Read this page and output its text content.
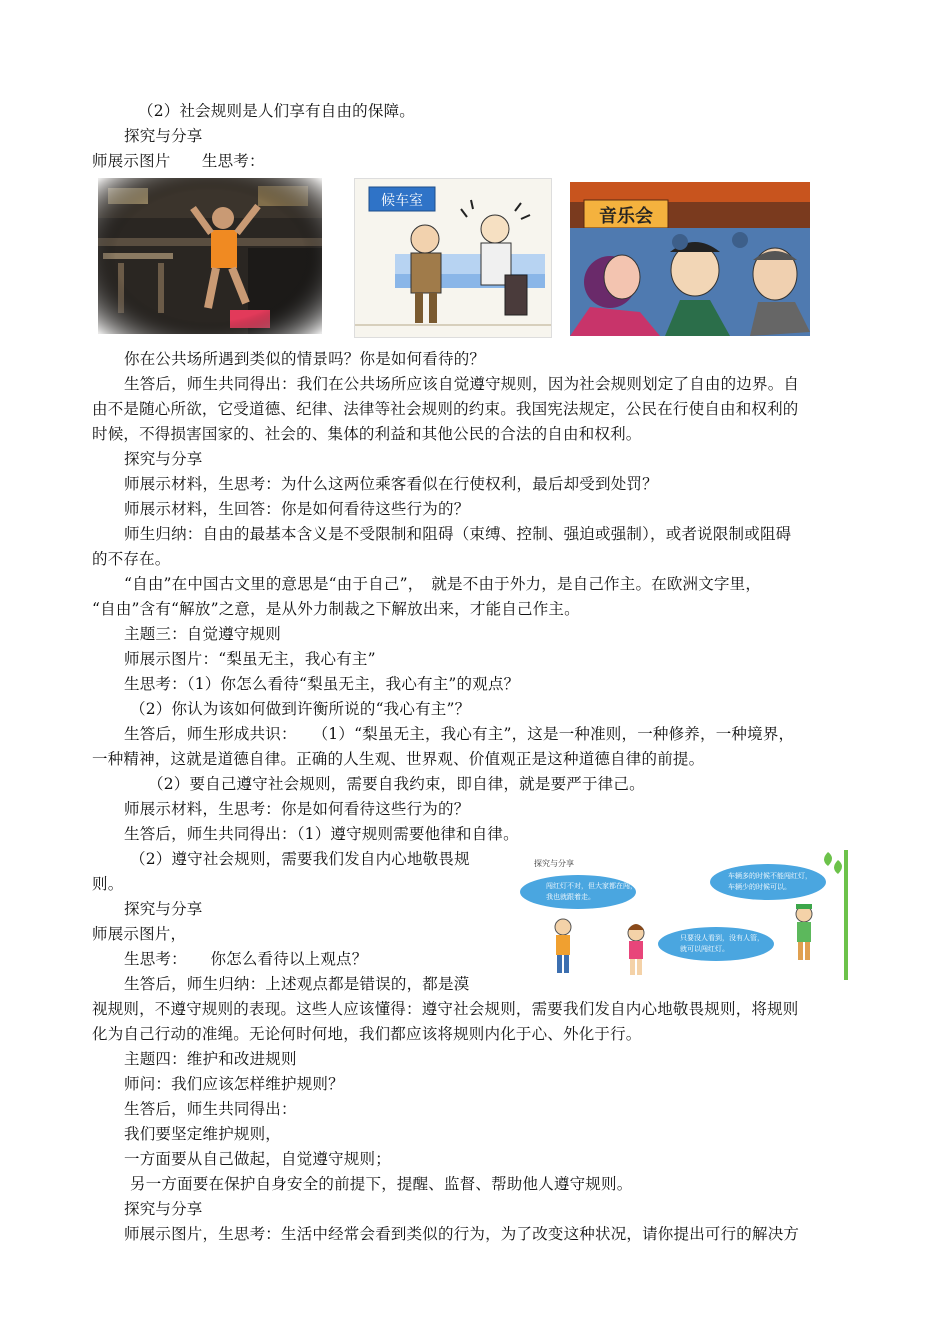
（2）社会规则是人们享有自由的保障。
探究与分享
师展示图片　　生思考：
候车室
音乐会
你在公共场所遇到类似的情景吗？你是如何看待的？
生答后，师生共同得出：我们在公共场所应该自觉遵守规则，因为社会规则划定了自由的边界。自
由不是随心所欲，它受道德、纪律、法律等社会规则的约束。我国宪法规定，公民在行使自由和权利的
时候，不得损害国家的、社会的、集体的利益和其他公民的合法的自由和权利。
探究与分享
师展示材料，生思考：为什么这两位乘客看似在行使权利，最后却受到处罚？
师展示材料，生回答：你是如何看待这些行为的？
师生归纳：自由的最基本含义是不受限制和阻碍（束缚、控制、强迫或强制），或者说限制或阻碍
的不存在。
“自由”在中国古文里的意思是“由于自己”，　就是不由于外力，是自己作主。在欧洲文字里，
“自由”含有“解放”之意，是从外力制裁之下解放出来，才能自己作主。
主题三：自觉遵守规则
师展示图片：“梨虽无主，我心有主”
生思考：（1）你怎么看待“梨虽无主，我心有主”的观点？
（2）你认为该如何做到许衡所说的“我心有主”？
生答后，师生形成共识：　　（1）“梨虽无主，我心有主”，这是一种准则，一种修养，一种境界，
一种精神，这就是道德自律。正确的人生观、世界观、价值观正是这种道德自律的前提。
（2）要自己遵守社会规则，需要自我约束，即自律，就是要严于律己。
师展示材料，生思考：你是如何看待这些行为的？
生答后，师生共同得出：（1）遵守规则需要他律和自律。
（2）遵守社会规则，需要我们发自内心地敬畏规
则。
探究与分享
师展示图片，
生思考：　　你怎么看待以上观点？
生答后，师生归纳：上述观点都是错误的，都是漠
探究与分享
闯红灯不对，但大家都在闯，
我也就跟着走。
车辆多的时候不能闯红灯，
车辆少的时候可以。
只要没人看到，没有人管，
就可以闯红灯。
视规则，不遵守规则的表现。这些人应该懂得：遵守社会规则，需要我们发自内心地敬畏规则，将规则
化为自己行动的准绳。无论何时何地，我们都应该将规则内化于心、外化于行。
主题四：维护和改进规则
师问：我们应该怎样维护规则？
生答后，师生共同得出：
我们要坚定维护规则，
一方面要从自己做起，自觉遵守规则；
另一方面要在保护自身安全的前提下，提醒、监督、帮助他人遵守规则。
探究与分享
师展示图片，生思考：生活中经常会看到类似的行为，为了改变这种状况，请你提出可行的解决方
